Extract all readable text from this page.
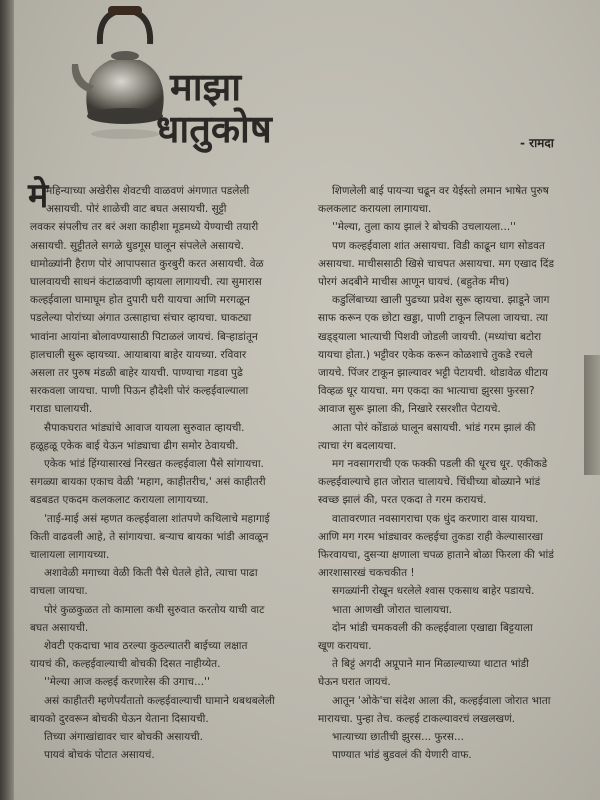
माझा
धातुकोष	- रामदा
मे

महिन्याच्या अखेरीस शेवटची वाळवणं अंगणात पडलेली

असायची. पोरं शाळेची वाट बघत असायची. सुट्टी

लवकर संपलीच तर बरं अशा काहीशा मूडमध्ये येण्याची तयारी

असायची. सुट्टीतले सगळे धुडगूस घालून संपलेले असायचे.

धामोळ्यांनी हैराण पोरं आपापसात कुरबुरी करत असायची. वेळ

घालवायची साधनं कंटाळवाणी व्हायला लागायची. त्या सुमारास

कल्हईवाला घामाघूम होत दुपारी घरी यायचा आणि मरगळून

पडलेल्या पोरांच्या अंगात उत्साहाचा संचार व्हायचा. घाकट्या

भावांना आयांना बोलावण्यासाठी पिटाळलं जायचं. बिऱ्हाडांतून

हालचाली सुरू व्हायच्या. आयाबाया बाहेर यायच्या. रविवार

असला तर पुरुष मंडळी बाहेर यायची. पाण्याचा गडवा पुढे

सरकवला जायचा. पाणी पिऊन हौदेशी पोरं कल्हईवाल्याला

गराडा घालायची.

सैपाकघरात भांड्यांचे आवाज यायला सुरुवात व्हायची.

हळूहळू एकेक बाई येऊन भांड्याचा ढीग समोर ठेवायची.

एकेक भांडं हिंग्यासारखं निरखत कल्हईवाला पैसे सांगायचा.

सगळ्या बायका एकाच वेळी 'महाग, काहीतरीच,' असं काहीतरी

बडबडत एकदम कलकलाट करायला लागायच्या.

'ताई-माई असं म्हणत कल्हईवाला शांतपणे कथिलाचे महागाई

किती वाढवली आहे, ते सांगायचा. बऱ्याच बायका भांडी आवळून

चालायला लागायच्या.

अशावेळी मगाच्या वेळी किती पैसे घेतले होते, त्याचा पाढा

वाचला जायचा.

पोरं कुळकुळत तो कामाला कधी सुरुवात करतोय याची वाट

बघत असायची.

शेवटी एकदाचा भाव ठरल्या कुठल्यातरी बाईच्या लक्षात

यायचं की, कल्हईवाल्याची बोचकी दिसत नाहीय्येत.

''मेल्या आज कल्हई करणारेस की उगाच...''

असं काहीतरी म्हणेपर्यंतातो कल्हईवाल्याची घामाने थबथबलेली

बायको दुरवरून बोचकी घेऊन येताना दिसायची.

तिच्या अंगाखांद्यावर चार बोचकी असायची.

पायवं बोचकं पोटात असायचं.

शिणलेली बाई पायऱ्या चढून वर येईस्तो लमान भाषेत पुरुष

कलकलाट करायला लागायचा.

''मेल्या, तुला काय झालं रे बोचकी उचलायला...''

पण कल्हईवाला शांत असायचा. विडी काढून धाग सोडवत

असायचा. माचीससाठी खिसे चाचपत असायचा. मग एखाद दिंड

पोरगं अदबीने माचीस आणून घायचं. (बहुतेक मीच)

कडुलिंबाच्या खाली पुढच्या प्रवेश सुरू व्हायचा. झाडूने जाग

साफ करून एक छोटा खड्डा, पाणी टाकून लिपला जायचा. त्या

खड्ड्याला भात्याची पिशवी जोडली जायची. (मध्यांचा बटोरा

यायचा होता.) भट्टीवर एकेक करून कोळशाचे तुकडे रचले

जायचे. पिंजर टाकून झाल्यावर भट्टी पेटायची. थोडावेळ धीटाय

विव्हळ धूर यायचा. मग एकदा का भात्याचा झुरसा फुरसा?

आवाज सुरू झाला की, निखारे रसरशीत पेटायचे.

आता पोरं कोंडाळं घालून बसायची. भांडं गरम झालं की

त्याचा रंग बदलायचा.

मग नवसागराची एक फक्की पडली की धूरच धूर. एकीकडे

कल्हईवाल्याचे हात जोरात चालायचे. चिंधीच्या बोळ्याने भांडं

स्वच्छ झालं की, परत एकदा ते गरम करायचं.

वातावरणात नवसागराचा एक धुंद करणारा वास यायचा.

आणि मग गरम भांड्यावर कल्हईचा तुकडा राही केल्यासारखा

फिरवायचा, दुसऱ्या क्षणाला चपळ हाताने बोळा फिरला की भांडं

आरशासारखं चकचकीत !

सगळ्यांनी रोखून धरलेले श्वास एकसाथ बाहेर पडायचे.

भाता आणखी जोरात चालायचा.

दोन भांडी चमकवली की कल्हईवाला एखाद्या बिट्टयाला

खूण करायचा.

ते बिट्टं अगदी अप्रूपाने मान मिळाल्याच्या थाटात भांडी

घेऊन घरात जायचं.

आतून 'ओके'चा संदेश आला की, कल्हईवाला जोरात भाता

मारायचा. पुन्हा तेच. कल्हई टाकल्यावरचं लखलखणं.

भात्याच्या छातीची झुरस... फुरस...

पाण्यात भांडं बुडवलं की येणारी वाफ.
